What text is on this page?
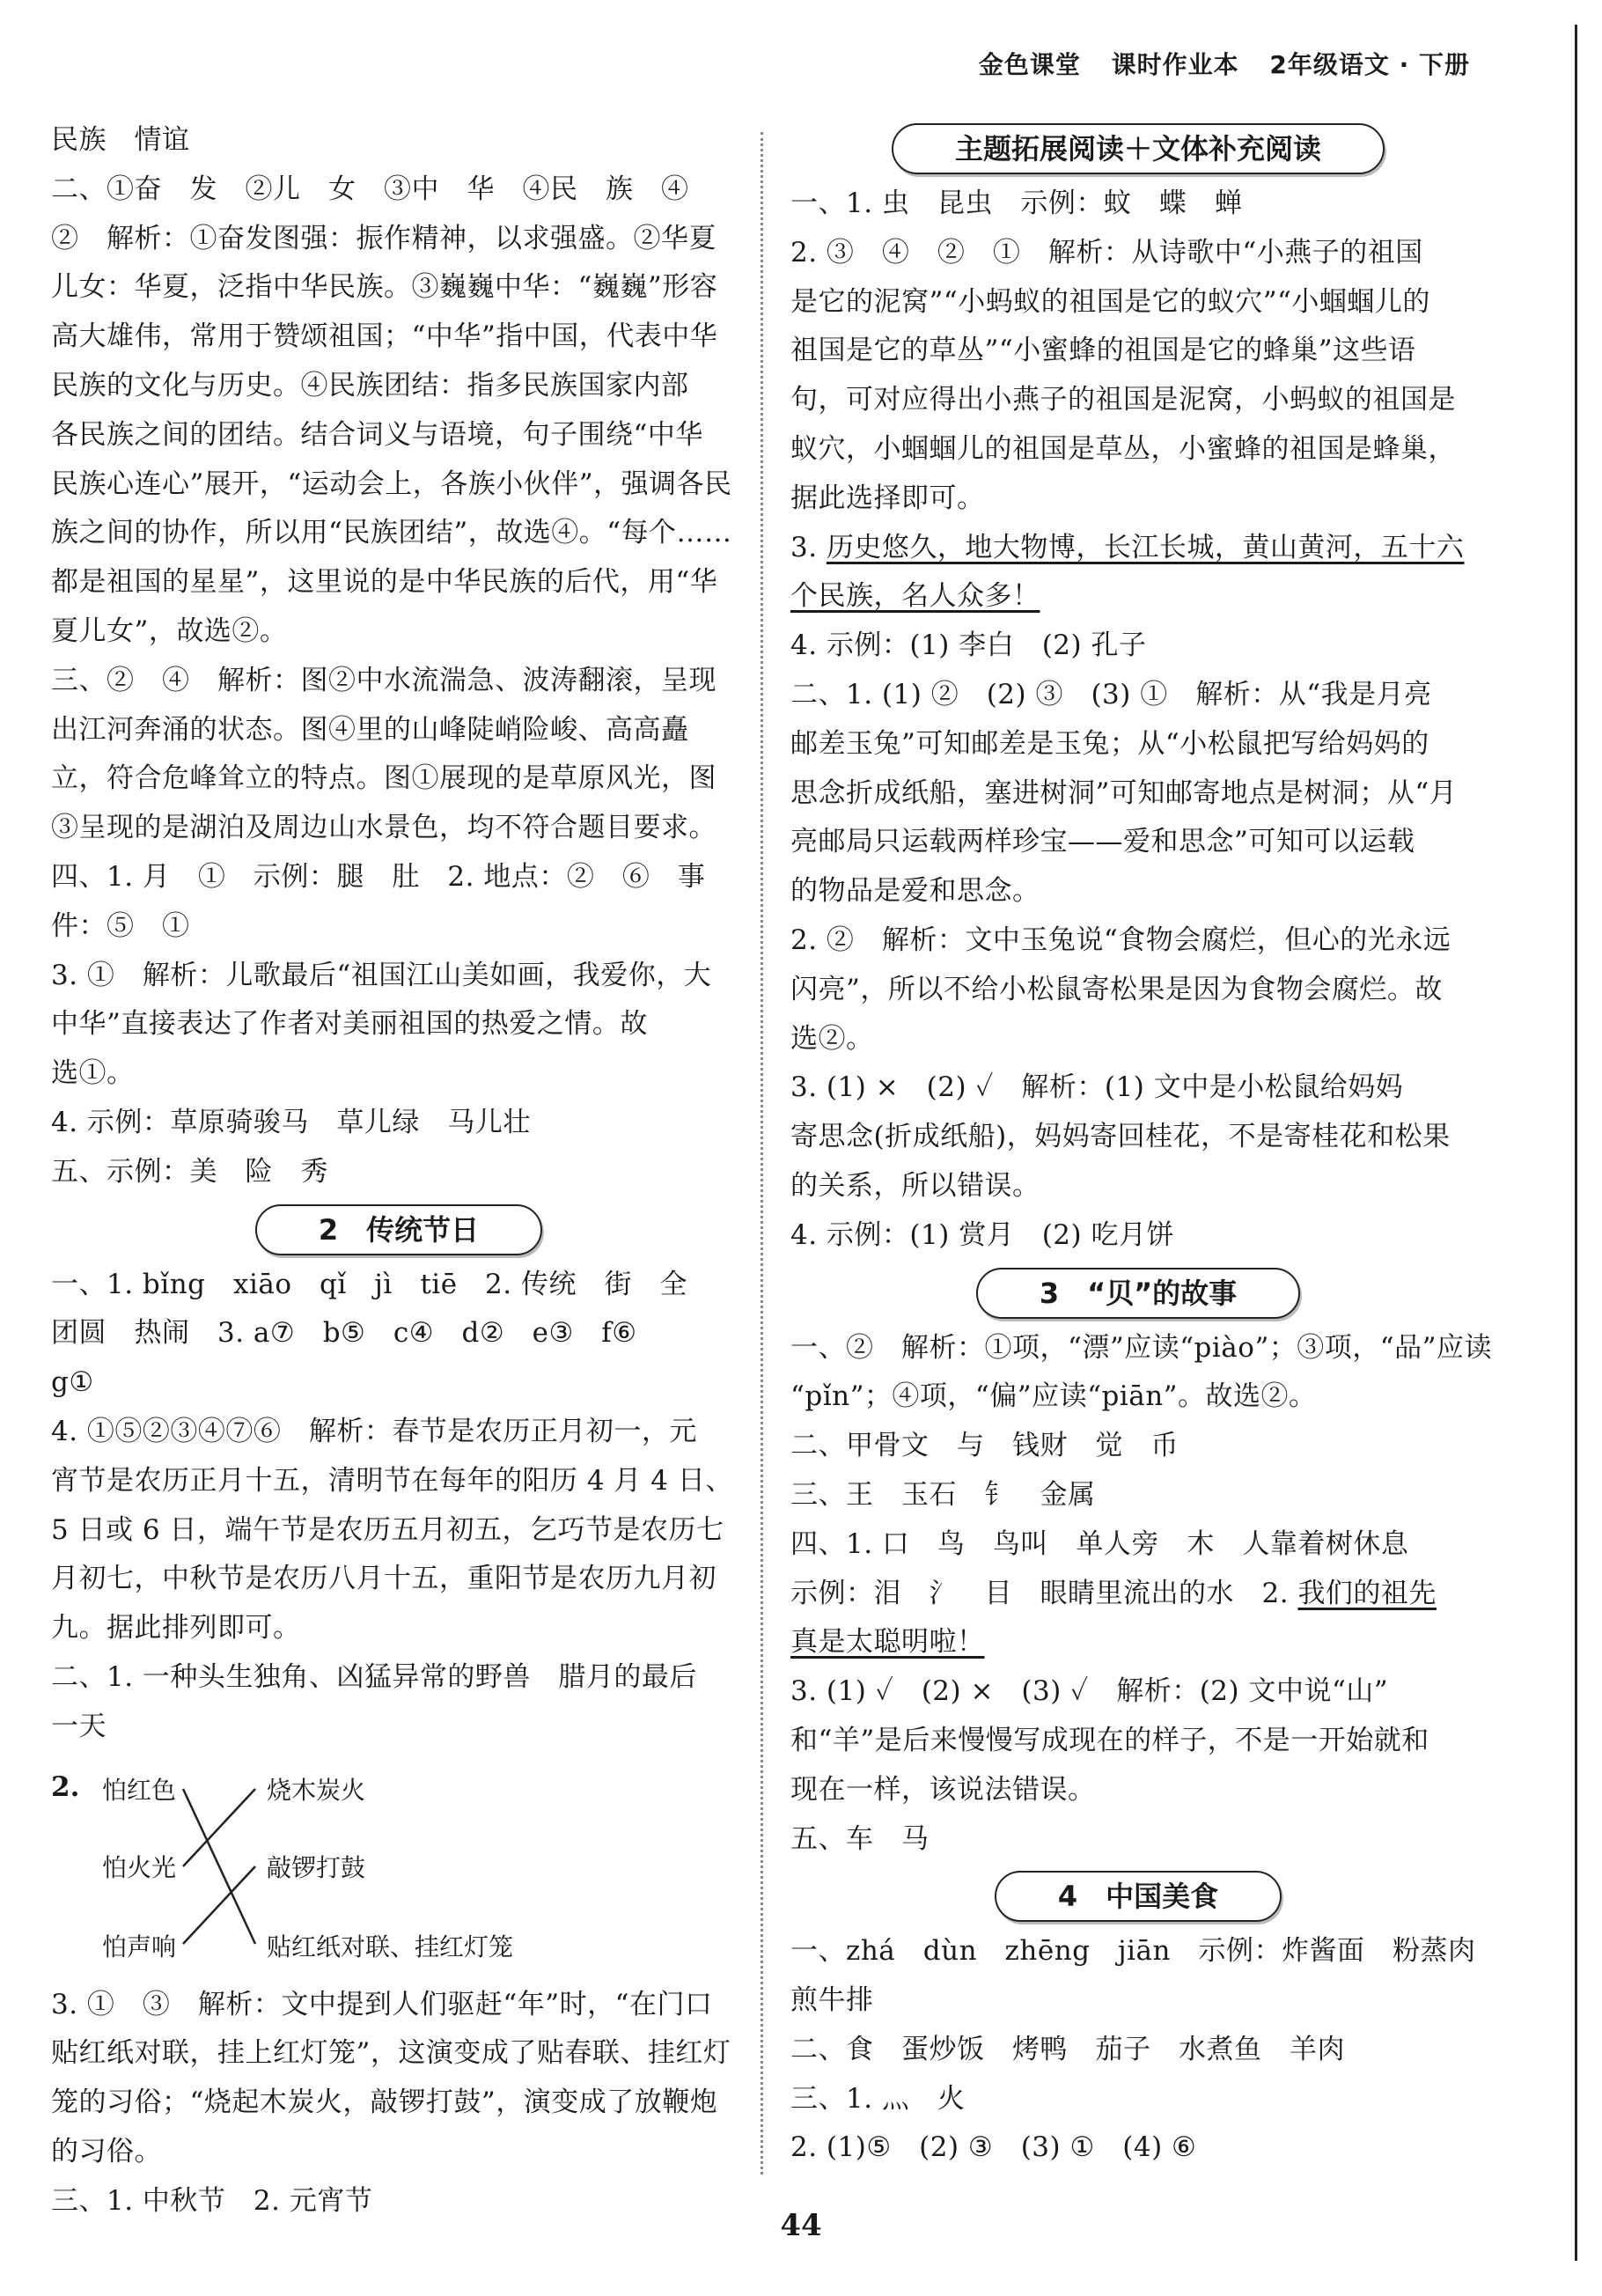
金色课堂 课时作业本 2年级语文 · 下册
民族　情谊
二、①奋　发　②儿　女　③中　华　④民　族　④
②　解析：①奋发图强：振作精神，以求强盛。②华夏
儿女：华夏，泛指中华民族。③巍巍中华：“巍巍”形容
高大雄伟，常用于赞颂祖国；“中华”指中国，代表中华
民族的文化与历史。④民族团结：指多民族国家内部
各民族之间的团结。结合词义与语境，句子围绕“中华
民族心连心”展开，“运动会上，各族小伙伴”，强调各民
族之间的协作，所以用“民族团结”，故选④。“每个……
都是祖国的星星”，这里说的是中华民族的后代，用“华
夏儿女”，故选②。
三、②　④　解析：图②中水流湍急、波涛翻滚，呈现
出江河奔涌的状态。图④里的山峰陡峭险峻、高高矗
立，符合危峰耸立的特点。图①展现的是草原风光，图
③呈现的是湖泊及周边山水景色，均不符合题目要求。
四、1. 月　①　示例：腿　肚　2. 地点：②　⑥　事
件：⑤　①
3. ①　解析：儿歌最后“祖国江山美如画，我爱你，大
中华”直接表达了作者对美丽祖国的热爱之情。故
选①。
4. 示例：草原骑骏马　草儿绿　马儿壮
五、示例：美　险　秀
2　传统节日
一、1. bǐng　xiāo　qǐ　jì　tiē　2. 传统　街　全
团圆　热闹　3. a⑦　b⑤　c④　d②　e③　f⑥
g①
4. ①⑤②③④⑦⑥　解析：春节是农历正月初一，元
宵节是农历正月十五，清明节在每年的阳历 4 月 4 日、
5 日或 6 日，端午节是农历五月初五，乞巧节是农历七
月初七，中秋节是农历八月十五，重阳节是农历九月初
九。据此排列即可。
二、1. 一种头生独角、凶猛异常的野兽　腊月的最后
一天
2. 怕红色
怕火光
怕声响
烧木炭火
敲锣打鼓
贴红纸对联、挂红灯笼
3. ①　③　解析：文中提到人们驱赶“年”时，“在门口
贴红纸对联，挂上红灯笼”，这演变成了贴春联、挂红灯
笼的习俗；“烧起木炭火，敲锣打鼓”，演变成了放鞭炮
的习俗。
三、1. 中秋节　2. 元宵节
主题拓展阅读＋文体补充阅读
一、1. 虫　昆虫　示例：蚊　蝶　蝉
2. ③　④　②　①　解析：从诗歌中“小燕子的祖国
是它的泥窝”“小蚂蚁的祖国是它的蚁穴”“小蝈蝈儿的
祖国是它的草丛”“小蜜蜂的祖国是它的蜂巢”这些语
句，可对应得出小燕子的祖国是泥窝，小蚂蚁的祖国是
蚁穴，小蝈蝈儿的祖国是草丛，小蜜蜂的祖国是蜂巢，
据此选择即可。
3. 历史悠久，地大物博，长江长城，黄山黄河，五十六
个民族，名人众多！
4. 示例：(1) 李白　(2) 孔子
二、1. (1) ②　(2) ③　(3) ①　解析：从“我是月亮
邮差玉兔”可知邮差是玉兔；从“小松鼠把写给妈妈的
思念折成纸船，塞进树洞”可知邮寄地点是树洞；从“月
亮邮局只运载两样珍宝——爱和思念”可知可以运载
的物品是爱和思念。
2. ②　解析：文中玉兔说“食物会腐烂，但心的光永远
闪亮”，所以不给小松鼠寄松果是因为食物会腐烂。故
选②。
3. (1) ×　(2) ✓　解析：(1) 文中是小松鼠给妈妈
寄思念(折成纸船)，妈妈寄回桂花，不是寄桂花和松果
的关系，所以错误。
4. 示例：(1) 赏月　(2) 吃月饼
3　“贝”的故事
一、②　解析：①项，“漂”应读“piào”；③项，“品”应读
“pǐn”；④项，“偏”应读“piān”。故选②。
二、甲骨文　与　钱财　觉　币
三、王　玉石　钅　金属
四、1. 口　鸟　鸟叫　单人旁　木　人靠着树休息
示例：泪　氵　目　眼睛里流出的水　2. 我们的祖先
真是太聪明啦！
3. (1) ✓　(2) ×　(3) ✓　解析：(2) 文中说“山”
和“羊”是后来慢慢写成现在的样子，不是一开始就和
现在一样，该说法错误。
五、车　马
4　中国美食
一、zhá　dùn　zhēng　jiān　示例：炸酱面　粉蒸肉
煎牛排
二、食　蛋炒饭　烤鸭　茄子　水煮鱼　羊肉
三、1. 灬　火
2. (1)⑤　(2) ③　(3) ①　(4) ⑥
44
